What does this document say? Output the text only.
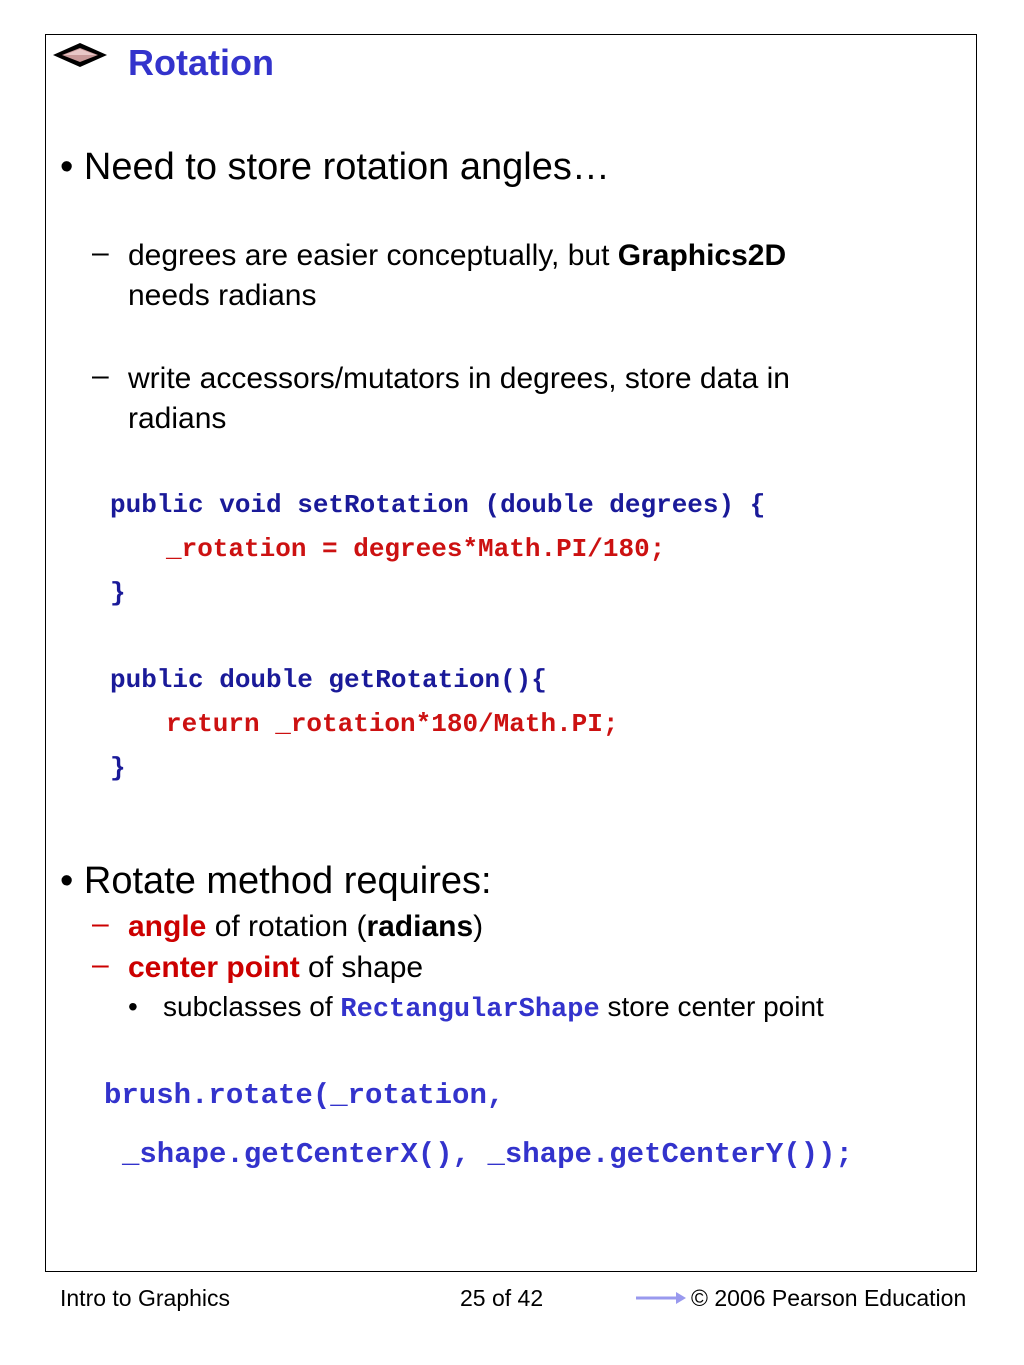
Rotation
• Need to store rotation angles…
– degrees are easier conceptually, but Graphics2D
needs radians
– write accessors/mutators in degrees, store data in
radians
public void setRotation (double degrees) {
_rotation = degrees*Math.PI/180;
}
public double getRotation(){
return _rotation*180/Math.PI;
}
• Rotate method requires:
– angle of rotation (radians)
– center point of shape
• subclasses of RectangularShape store center point
brush.rotate(_rotation,
_shape.getCenterX(), _shape.getCenterY());
Intro to Graphics	25 of 42	© 2006 Pearson Education
